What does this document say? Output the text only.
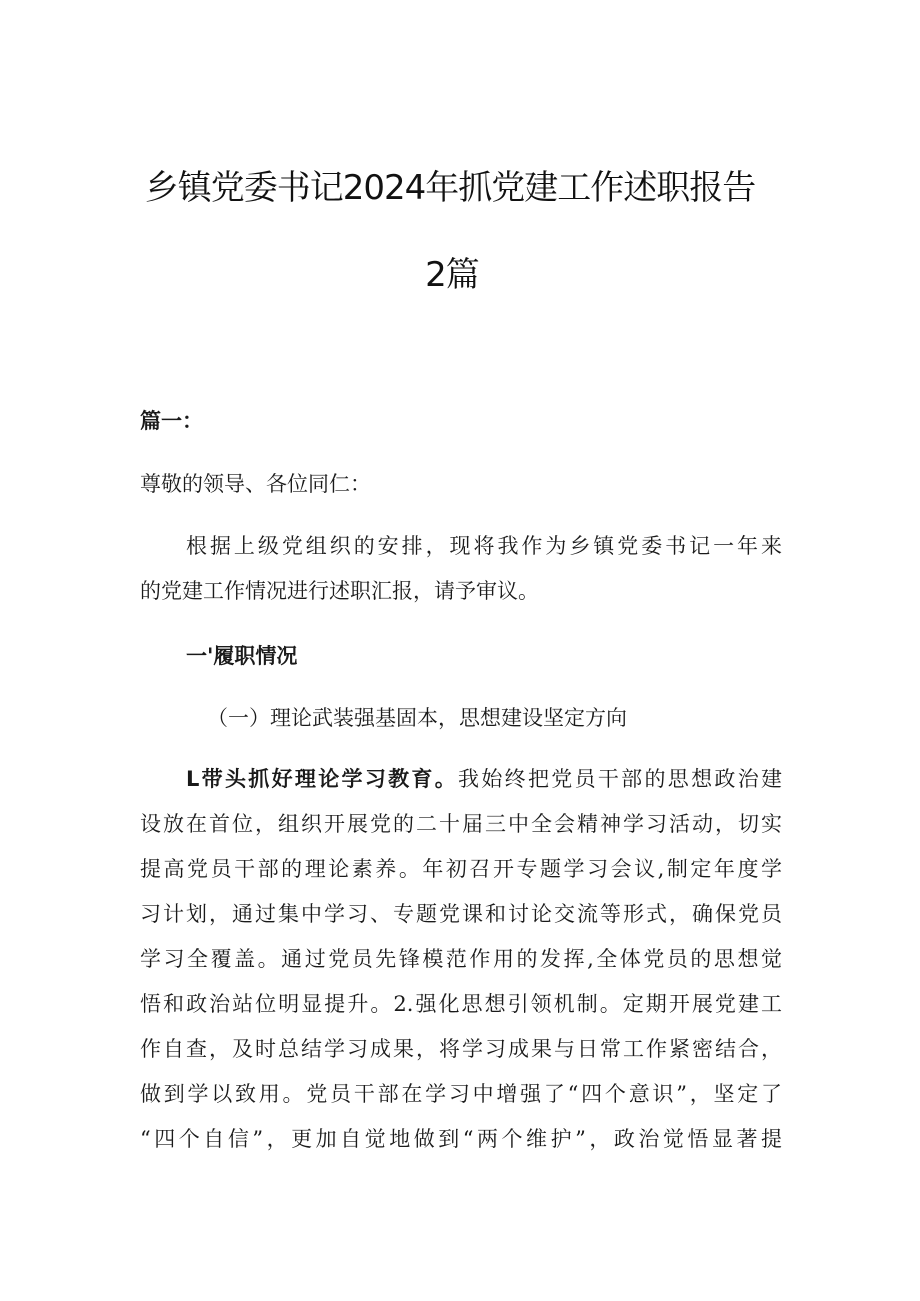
乡镇党委书记2024年抓党建工作述职报告
2篇
篇一：
尊敬的领导、各位同仁：
根据上级党组织的安排，现将我作为乡镇党委书记一年来
的党建工作情况进行述职汇报，请予审议。
一'履职情况
（一）理论武装强基固本，思想建设坚定方向
L带头抓好理论学习教育。我始终把党员干部的思想政治建
设放在首位，组织开展党的二十届三中全会精神学习活动，切实
提高党员干部的理论素养。年初召开专题学习会议,制定年度学
习计划，通过集中学习、专题党课和讨论交流等形式，确保党员
学习全覆盖。通过党员先锋模范作用的发挥,全体党员的思想觉
悟和政治站位明显提升。2.强化思想引领机制。定期开展党建工
作自查，及时总结学习成果，将学习成果与日常工作紧密结合，
做到学以致用。党员干部在学习中增强了“四个意识”，坚定了
“四个自信”，更加自觉地做到“两个维护”，政治觉悟显著提
